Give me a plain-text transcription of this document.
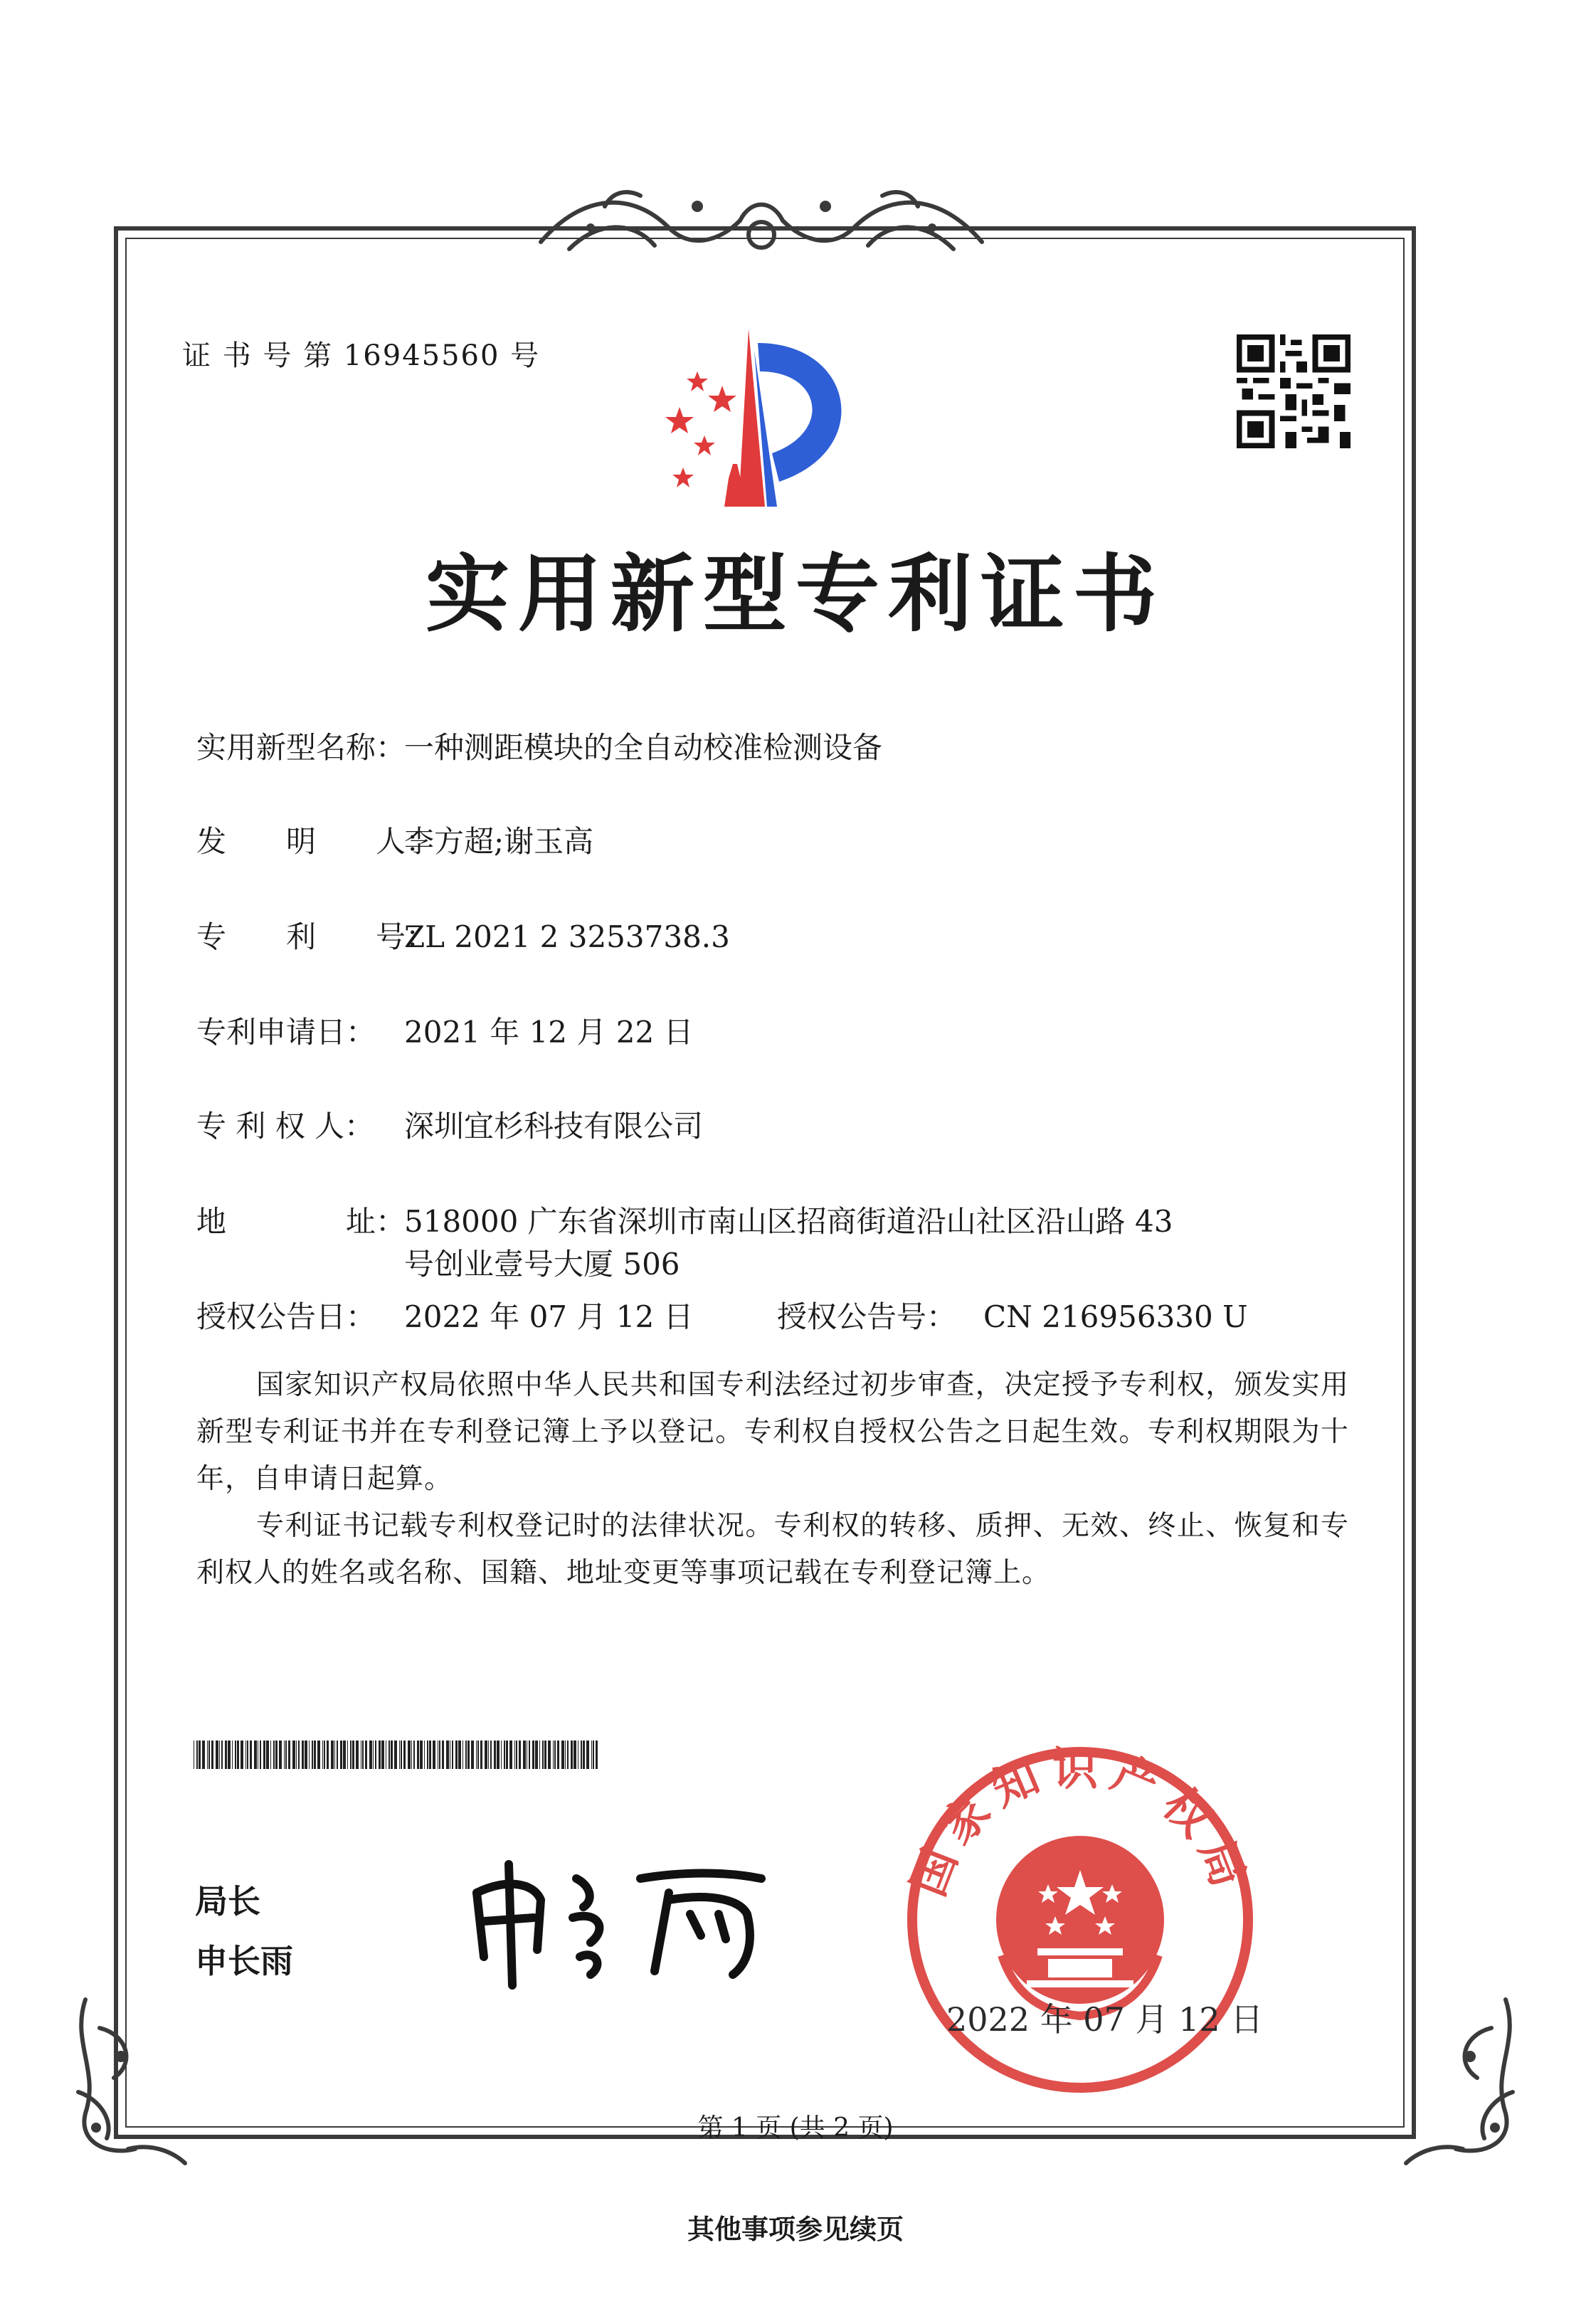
证 书 号 第 16945560 号
实用新型专利证书
实用新型名称：一种测距模块的全自动校准检测设备
发　　明　　人：李方超;谢玉高
专　　利　　号：ZL 2021 2 3253738.3
专利申请日： 2021 年 12 月 22 日
专 利 权 人： 深圳宜杉科技有限公司
地　　　　址：518000 广东省深圳市南山区招商街道沿山社区沿山路 43
号创业壹号大厦 506
授权公告日： 2022 年 07 月 12 日	授权公告号： CN 216956330 U
国家知识产权局依照中华人民共和国专利法经过初步审查，决定授予专利权，颁发实用新型专利证书并在专利登记簿上予以登记。专利权自授权公告之日起生效。专利权期限为十年，自申请日起算。
专利证书记载专利权登记时的法律状况。专利权的转移、质押、无效、终止、恢复和专利权人的姓名或名称、国籍、地址变更等事项记载在专利登记簿上。
局长
申长雨
国家知识产权局
2022 年 07 月 12 日
第 1 页 (共 2 页)
其他事项参见续页
